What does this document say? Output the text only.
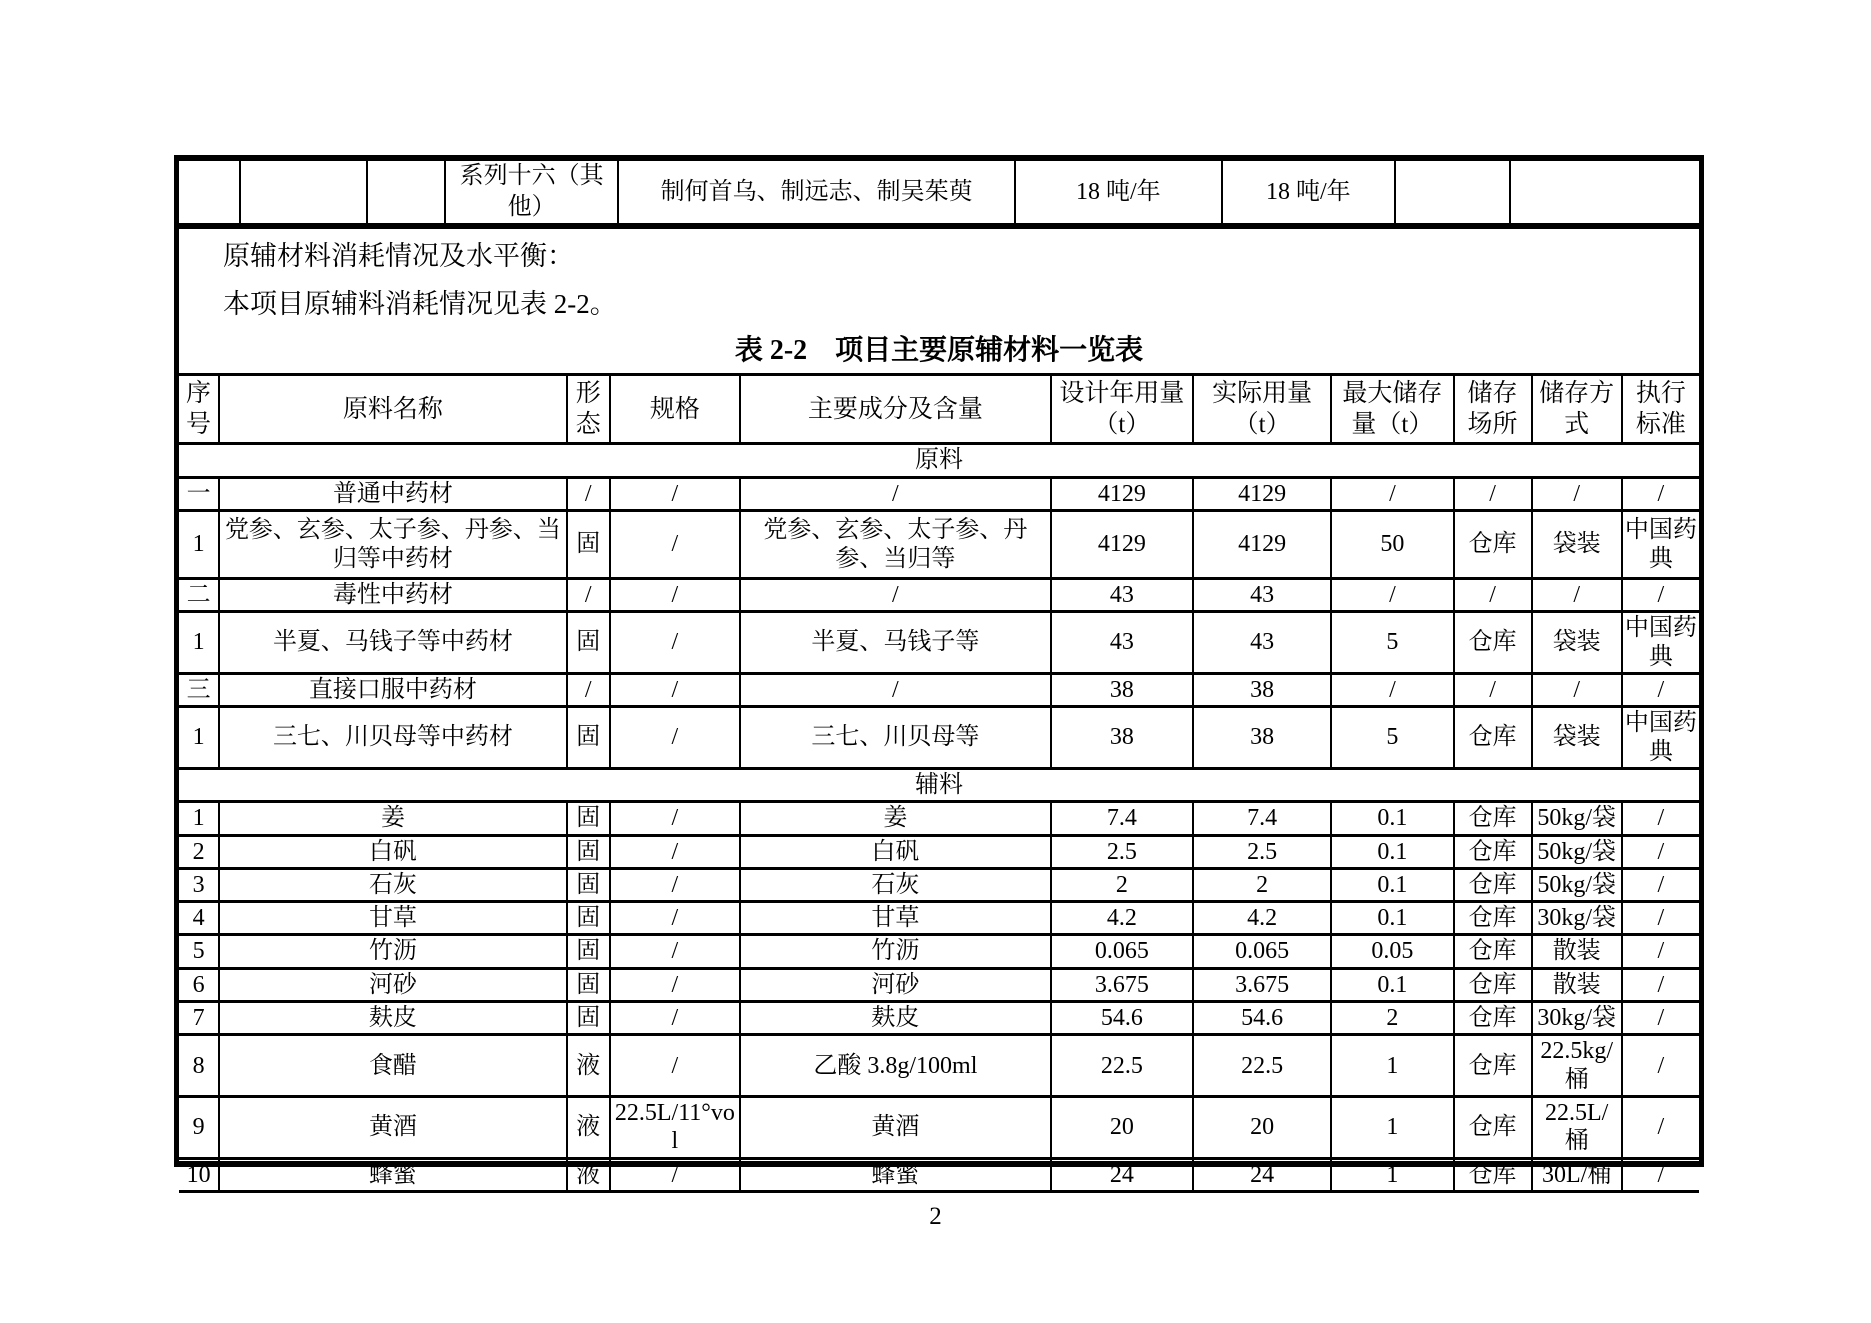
			系列十六（其他）	制何首乌、制远志、制吴茱萸	18 吨/年	18 吨/年		

原辅材料消耗情况及水平衡：

本项目原辅料消耗情况见表 2-2。

表 2-2　项目主要原辅材料一览表
序号	原料名称	形态	规格	主要成分及含量	设计年用量（t）	实际用量（t）	最大储存量（t）	储存场所	储存方式	执行标准
原料										
一	普通中药材	/	/	/	4129	4129	/	/	/	/
1	党参、玄参、太子参、丹参、当归等中药材	固	/	党参、玄参、太子参、丹参、当归等	4129	4129	50	仓库	袋装	中国药典
二	毒性中药材	/	/	/	43	43	/	/	/	/
1	半夏、马钱子等中药材	固	/	半夏、马钱子等	43	43	5	仓库	袋装	中国药典
三	直接口服中药材	/	/	/	38	38	/	/	/	/
1	三七、川贝母等中药材	固	/	三七、川贝母等	38	38	5	仓库	袋装	中国药典
辅料										
1	姜	固	/	姜	7.4	7.4	0.1	仓库	50kg/袋	/
2	白矾	固	/	白矾	2.5	2.5	0.1	仓库	50kg/袋	/
3	石灰	固	/	石灰	2	2	0.1	仓库	50kg/袋	/
4	甘草	固	/	甘草	4.2	4.2	0.1	仓库	30kg/袋	/
5	竹沥	固	/	竹沥	0.065	0.065	0.05	仓库	散装	/
6	河砂	固	/	河砂	3.675	3.675	0.1	仓库	散装	/
7	麸皮	固	/	麸皮	54.6	54.6	2	仓库	30kg/袋	/
8	食醋	液	/	乙酸 3.8g/100ml	22.5	22.5	1	仓库	22.5kg/桶	/
9	黄酒	液	22.5L/11°vol	黄酒	20	20	1	仓库	22.5L/桶	/
10	蜂蜜	液	/	蜂蜜	24	24	1	仓库	30L/桶	/
2
